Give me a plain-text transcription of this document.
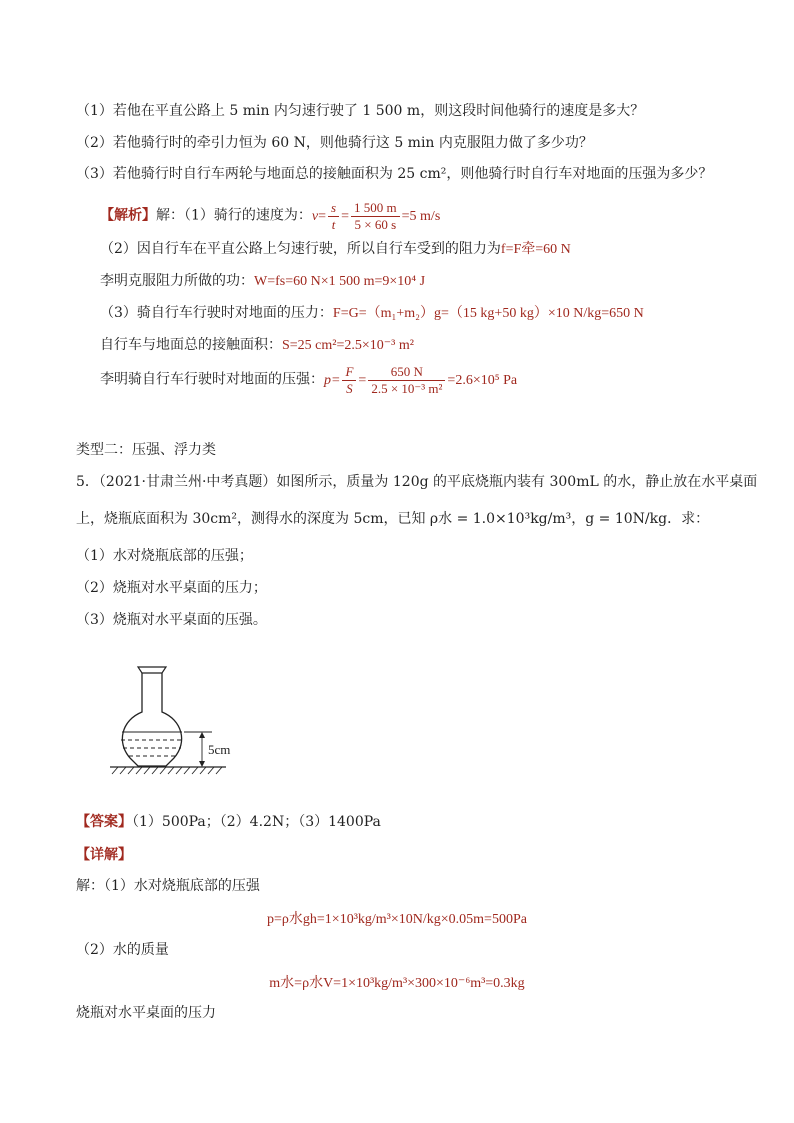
（1）若他在平直公路上 5 min 内匀速行驶了 1 500 m，则这段时间他骑行的速度是多大？
（2）若他骑行时的牵引力恒为 60 N，则他骑行这 5 min 内克服阻力做了多少功？
（3）若他骑行时自行车两轮与地面总的接触面积为 25 cm²，则他骑行时自行车对地面的压强为多少？
【解析】解：（1）骑行的速度为：$v= \frac{s}{t} = \frac{1 500 m}{5 \times 60 s} =5$ m/s
（2）因自行车在平直公路上匀速行驶，所以自行车受到的阻力为f=F牵=60 N
李明克服阻力所做的功：W=fs=60 N×1 500 m=9×10⁴ J
（3）骑自行车行驶时对地面的压力：F=G=（m₁+m₂）g=（15 kg+50 kg）×10 N/kg=650 N
自行车与地面总的接触面积：S=25 cm²=2.5×10⁻³ m²
李明骑自行车行驶时对地面的压强：$p= \frac{F}{S} = \frac{650 N}{\text{2.5 × 10⁻³ m²}} =2.6\times 10^5$ Pa
类型二：压强、浮力类
5．（2021·甘肃兰州·中考真题）如图所示，质量为 120g 的平底烧瓶内装有 300mL 的水，静止放在水平桌面
上，烧瓶底面积为 30cm²，测得水的深度为 5cm，已知 ρ水 = 1.0×10³kg/m³，g = 10N/kg．求：
（1）水对烧瓶底部的压强；
（2）烧瓶对水平桌面的压力；
（3）烧瓶对水平桌面的压强。
5cm
【答案】（1）500Pa；（2）4.2N；（3）1400Pa
【详解】
解：（1）水对烧瓶底部的压强
p=ρ水gh=1×10³kg/m³×10N/kg×0.05m=500Pa
（2）水的质量
m水=ρ水V=1×10³kg/m³×300×10⁻⁶m³=0.3kg
烧瓶对水平桌面的压力
